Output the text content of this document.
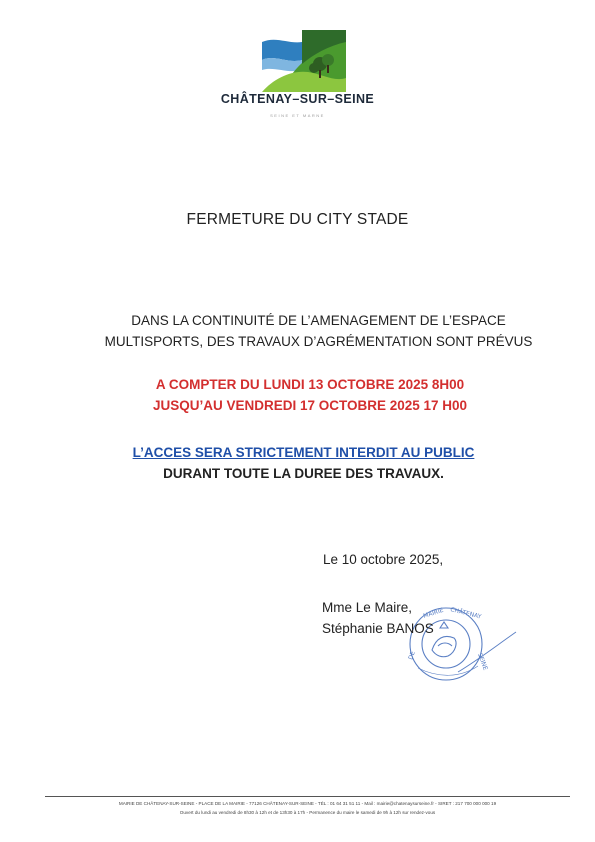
CHÂTENAY–SUR–SEINE
SEINE ET MARNE
FERMETURE DU CITY STADE
DANS LA CONTINUITÉ DE L’AMENAGEMENT DE L’ESPACE
MULTISPORTS, DES TRAVAUX D’AGRÉMENTATION SONT PRÉVUS
A COMPTER DU LUNDI 13 OCTOBRE 2025 8H00
JUSQU’AU VENDREDI 17 OCTOBRE 2025 17 H00
L’ACCES SERA STRICTEMENT INTERDIT AU PUBLIC
DURANT TOUTE LA DUREE DES TRAVAUX.
Le 10 octobre 2025,
MAIRIE CHÂTENAY
DE	SEINE
Mme Le Maire,
Stéphanie BANOS
MAIRIE DE CHÂTENAY-SUR-SEINE - PLACE DE LA MAIRIE - 77126 CHÂTENAY-SUR-SEINE - TÉL : 01 64 31 51 11 - Mail : mairie@chatenaysurseine.fr - SIRET : 217 700 000 000 19
Ouvert du lundi au vendredi de 8h30 à 12h et de 13h30 à 17h - Permanence du maire le samedi de 9h à 12h sur rendez-vous
